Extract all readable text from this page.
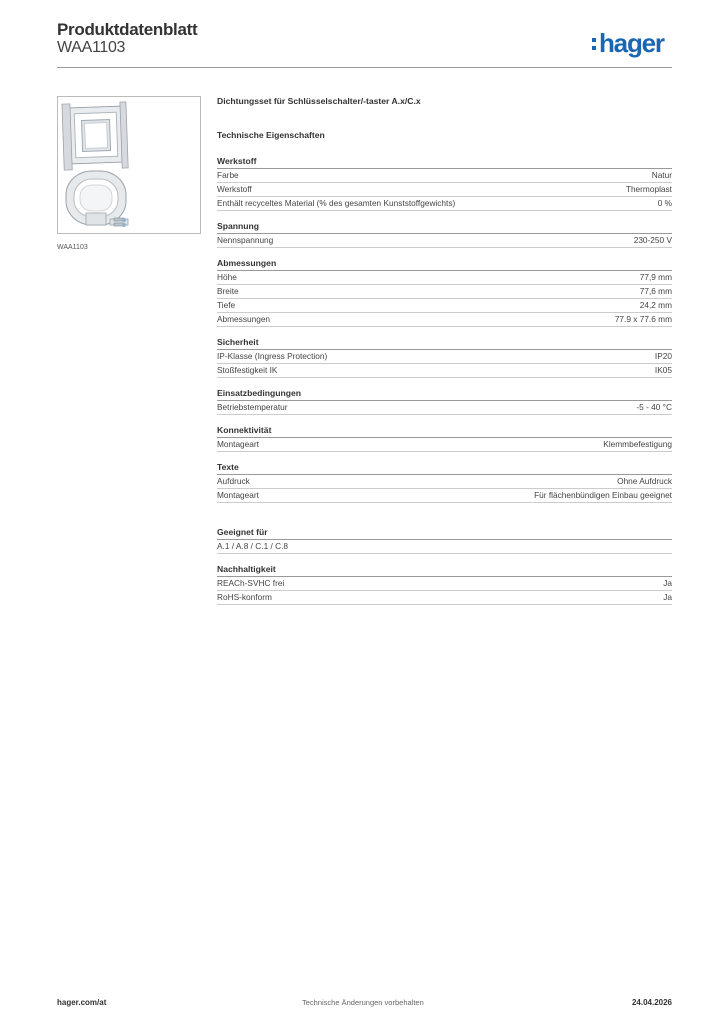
Produktdatenblatt
WAA1103	hager
WAA1103
Dichtungsset für Schlüsselschalter/-taster A.x/C.x
Technische Eigenschaften
Werkstoff
Farbe	Natur
Werkstoff	Thermoplast
Enthält recyceltes Material (% des gesamten Kunststoffgewichts)	0 %
Spannung
Nennspannung	230-250 V
Abmessungen
Höhe	77,9 mm
Breite	77,6 mm
Tiefe	24,2 mm
Abmessungen	77.9 x 77.6 mm
Sicherheit
IP-Klasse (Ingress Protection)	IP20
Stoßfestigkeit IK	IK05
Einsatzbedingungen
Betriebstemperatur	-5 - 40 °C
Konnektivität
Montageart	Klemmbefestigung
Texte
Aufdruck	Ohne Aufdruck
Montageart	Für flächenbündigen Einbau geeignet
Geeignet für
A.1 / A.8 / C.1 / C.8
Nachhaltigkeit
REACh-SVHC frei	Ja
RoHS-konform	Ja
hager.com/at	Technische Änderungen vorbehalten	24.04.2026
